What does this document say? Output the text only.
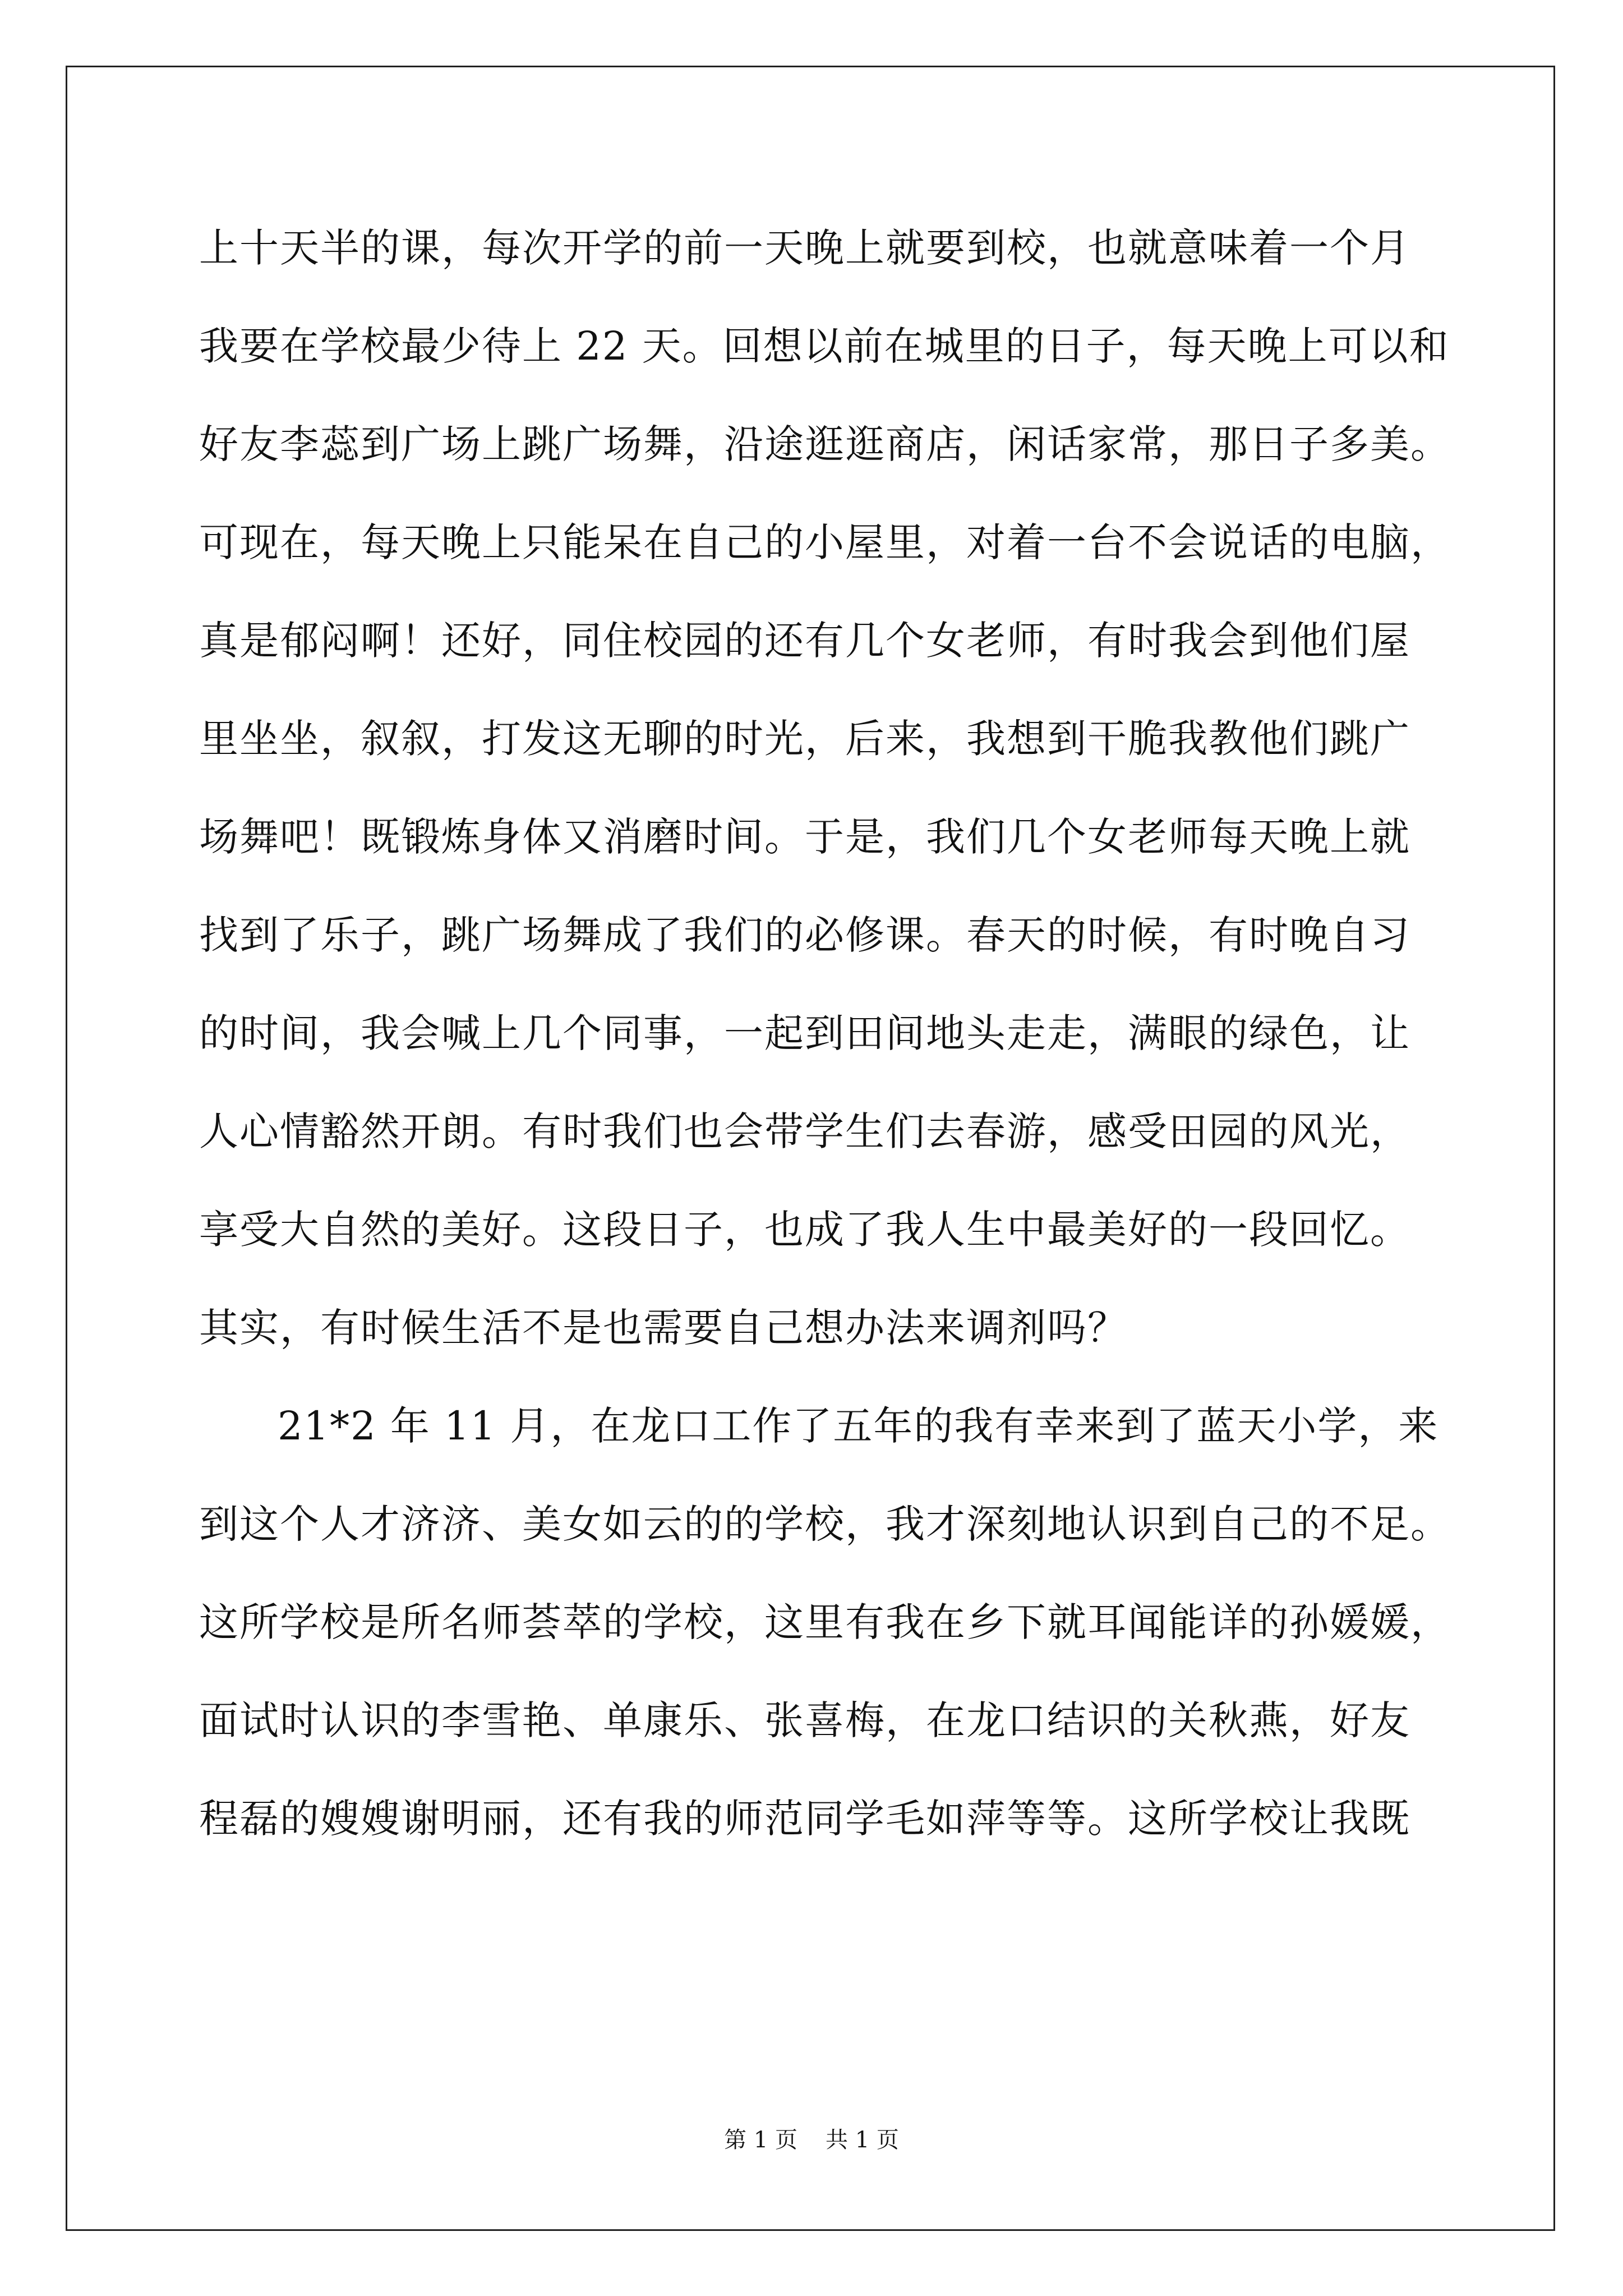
上十天半的课，每次开学的前一天晚上就要到校，也就意味着一个月
我要在学校最少待上 22 天。回想以前在城里的日子，每天晚上可以和
好友李蕊到广场上跳广场舞，沿途逛逛商店，闲话家常，那日子多美。
可现在，每天晚上只能呆在自己的小屋里，对着一台不会说话的电脑，
真是郁闷啊！还好，同住校园的还有几个女老师，有时我会到他们屋
里坐坐，叙叙，打发这无聊的时光，后来，我想到干脆我教他们跳广
场舞吧！既锻炼身体又消磨时间。于是，我们几个女老师每天晚上就
找到了乐子，跳广场舞成了我们的必修课。春天的时候，有时晚自习
的时间，我会喊上几个同事，一起到田间地头走走，满眼的绿色，让
人心情豁然开朗。有时我们也会带学生们去春游，感受田园的风光，
享受大自然的美好。这段日子，也成了我人生中最美好的一段回忆。
其实，有时候生活不是也需要自己想办法来调剂吗？
21*2 年 11 月，在龙口工作了五年的我有幸来到了蓝天小学，来
到这个人才济济、美女如云的的学校，我才深刻地认识到自己的不足。
这所学校是所名师荟萃的学校，这里有我在乡下就耳闻能详的孙媛媛，
面试时认识的李雪艳、单康乐、张喜梅，在龙口结识的关秋燕，好友
程磊的嫂嫂谢明丽，还有我的师范同学毛如萍等等。这所学校让我既
第 1 页 共 1 页
